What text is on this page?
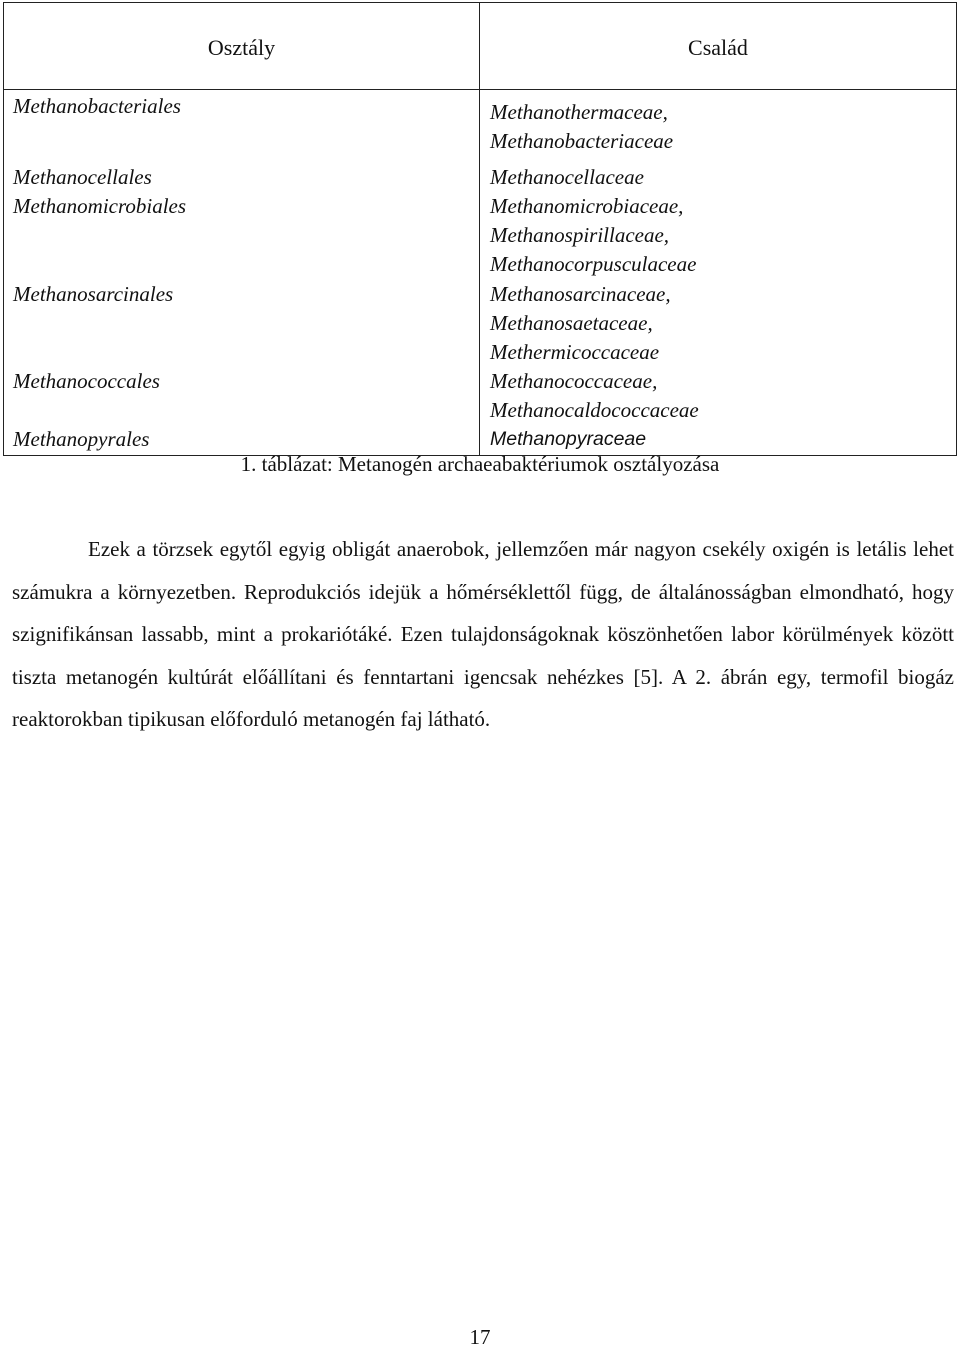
Osztály	Család
Methanobacteriales
Methanocellales
Methanomicrobiales
Methanosarcinales
Methanococcales
Methanopyrales
Methanothermaceae,
Methanobacteriaceae
Methanocellaceae
Methanomicrobiaceae,
Methanospirillaceae,
Methanocorpusculaceae
Methanosarcinaceae,
Methanosaetaceae,
Methermicoccaceae
Methanococcaceae,
Methanocaldococcaceae
Methanopyraceae
1. táblázat: Metanogén archaeabaktériumok osztályozása
Ezek a törzsek egytől egyig obligát anaerobok, jellemzően már nagyon csekély oxigén is letális lehet számukra a környezetben. Reprodukciós idejük a hőmérséklettől függ, de általánosságban elmondható, hogy szignifikánsan lassabb, mint a prokariótáké. Ezen tulajdonságoknak köszönhetően labor körülmények között tiszta metanogén kultúrát előállítani és fenntartani igencsak nehézkes [5]. A 2. ábrán egy, termofil biogáz reaktorokban tipikusan előforduló metanogén faj látható.
17
